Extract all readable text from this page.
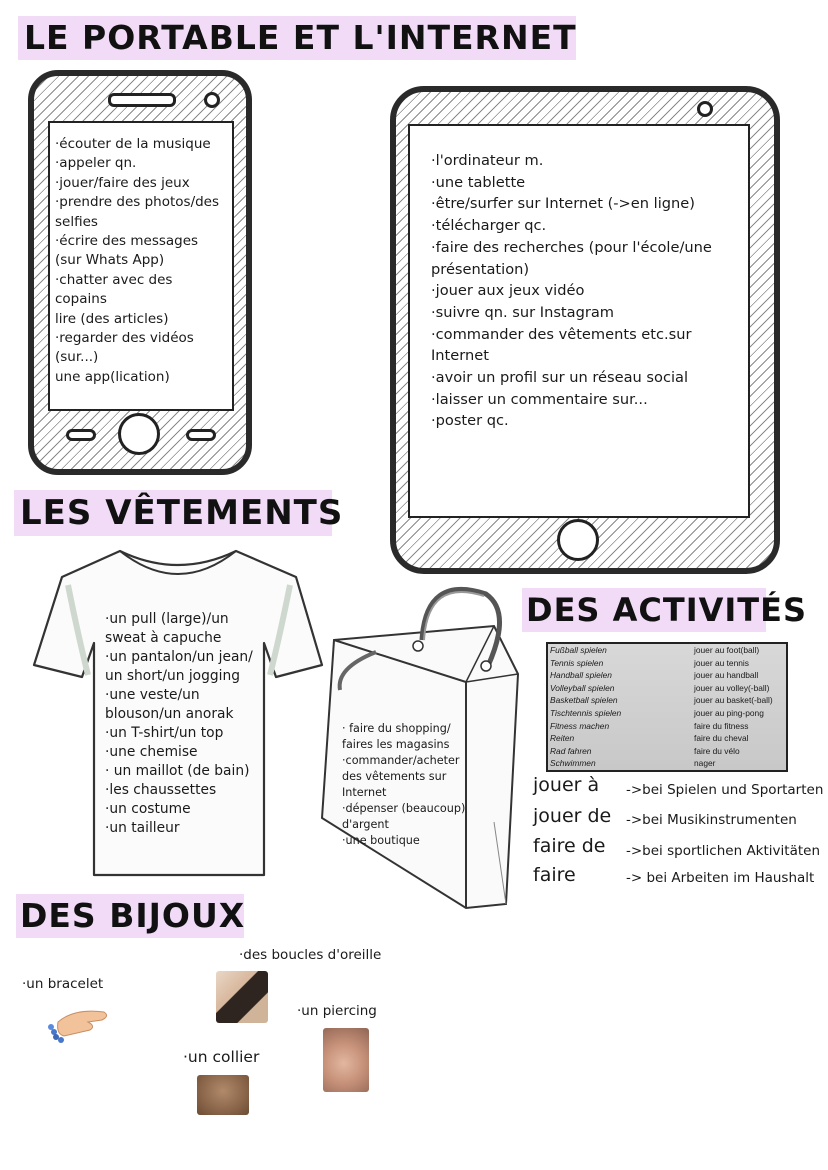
LE PORTABLE ET L'INTERNET
·écouter de la musique
·appeler qn.
·jouer/faire des jeux
·prendre des photos/des
selfies
·écrire des messages
(sur Whats App)
·chatter avec des
copains
lire (des articles)
·regarder des vidéos
(sur...)
une app(lication)
·l'ordinateur m.
·une tablette
·être/surfer sur Internet (->en ligne)
·télécharger qc.
·faire des recherches (pour l'école/une
présentation)
·jouer aux jeux vidéo
·suivre qn. sur Instagram
·commander des vêtements etc.sur
Internet
·avoir un profil sur un réseau social
·laisser un commentaire sur...
·poster qc.
LES VÊTEMENTS
·un pull (large)/un
sweat à capuche
·un pantalon/un jean/
un short/un jogging
·une veste/un
blouson/un anorak
·un T-shirt/un top
·une chemise
· un maillot (de bain)
·les chaussettes
·un costume
·un tailleur
· faire du shopping/
faires les magasins
·commander/acheter
des vêtements sur
Internet
·dépenser (beaucoup)
d'argent
·une boutique
DES ACTIVITÉS
Fußball spielen	jouer au foot(ball)
Tennis spielen	jouer au tennis
Handball spielen	jouer au handball
Volleyball spielen	jouer au volley(-ball)
Basketball spielen	jouer au basket(-ball)
Tischtennis spielen	jouer au ping-pong
Fitness machen	faire du fitness
Reiten	faire du cheval
Rad fahren	faire du vélo
Schwimmen	nager
jouer à ->bei Spielen und Sportarten
jouer de ->bei Musikinstrumenten
faire de ->bei sportlichen Aktivitäten
faire	-> bei Arbeiten im Haushalt
DES BIJOUX
·des boucles d'oreille
·un bracelet
·un piercing
·un collier
